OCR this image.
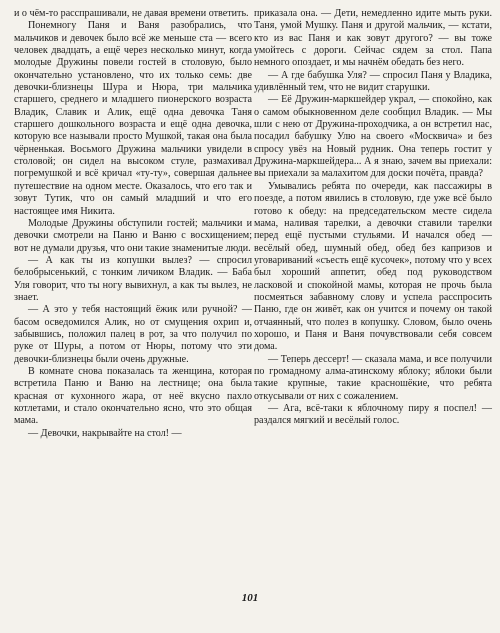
и о чём-то расспрашивали, не давая времени ответить.

Понемногу Паня и Ваня разобрались, что мальчиков и девочек было всё же меньше ста — всего человек двадцать, а ещё через несколько минут, когда молодые Дружины повели гостей в столовую, было окончательно установлено, что их только семь: две девочки-близнецы Шура и Нюра, три мальчика старшего, среднего и младшего пионерского возраста Владик, Славик и Алик, ещё одна девочка Таня старшего дошкольного возраста и ещё одна девочка, которую все называли просто Мушкой, такая она была чёрненькая. Восьмого Дружина мальчики увидели в столовой; он сидел на высоком стуле, размахивал погремушкой и всё кричал «ту-ту», совершая дальнее путешествие на одном месте. Оказалось, что его так и зовут Тутик, что он самый младший и что его настоящее имя Никита.

Молодые Дружины обступили гостей; мальчики и девочки смотрели на Паню и Ваню с восхищением; вот не думали друзья, что они такие знаменитые люди.

— А как ты из копушки вылез? — спросил белобрысенький, с тонким личиком Владик. — Баба Уля говорит, что ты ногу вывихнул, а как ты вылез, не знает.

— А это у тебя настоящий ёжик или ручной? — басом осведомился Алик, но от смущения охрип и, забывшись, положил палец в рот, за что получил по руке от Шуры, а потом от Нюры, потому что эти девочки-близнецы были очень дружные.

В комнате снова показалась та женщина, которая встретила Паню и Ваню на лестнице; она была красная от кухонного жара, от неё вкусно пахло котлетами, и стало окончательно ясно, что это общая мама.

— Девочки, накрывайте на стол! —

приказала она. — Дети, немедленно идите мыть руки. Таня, умой Мушку. Паня и другой мальчик, — кстати, кто из вас Паня и как зовут другого? — вы тоже умойтесь с дороги. Сейчас сядем за стол. Папа немного опоздает, и мы начнём обедать без него.

— А где бабушка Уля? — спросил Паня у Владика, удивлённый тем, что не видит старушки.

— Её Дружин-маркшейдер украл, — спокойно, как о самом обыкновенном деле сообщил Владик. — Мы шли с нею от Дружина-проходчика, а он встретил нас, посадил бабушку Улю на своего «Москвича» и без спросу увёз на Новый рудник. Она теперь гостит у Дружина-маркшейдера... А я знаю, зачем вы приехали: вы приехали за малахитом для доски почёта, правда?

Умывались ребята по очереди, как пассажиры в поезде, а потом явились в столовую, где уже всё было готово к обеду: на председательском месте сидела мама, наливая тарелки, а девочки ставили тарелки перед ещё пустыми стульями. И начался обед — весёлый обед, шумный обед, обед без капризов и уговариваний «съесть ещё кусочек», потому что у всех был хороший аппетит, обед под руководством ласковой и спокойной мамы, которая не прочь была посмеяться забавному слову и успела расспросить Паню, где он живёт, как он учится и почему он такой отчаянный, что полез в копушку. Словом, было очень хорошо, и Паня и Ваня почувствовали себя совсем дома.

— Теперь дессерт! — сказала мама, и все получили по громадному алма-атинскому яблоку; яблоки были такие крупные, такие красношёкие, что ребята откусывали от них с сожалением.

— Ага, всё-таки к яблочному пиру я поспел! — раздался мягкий и весёлый голос.

101
